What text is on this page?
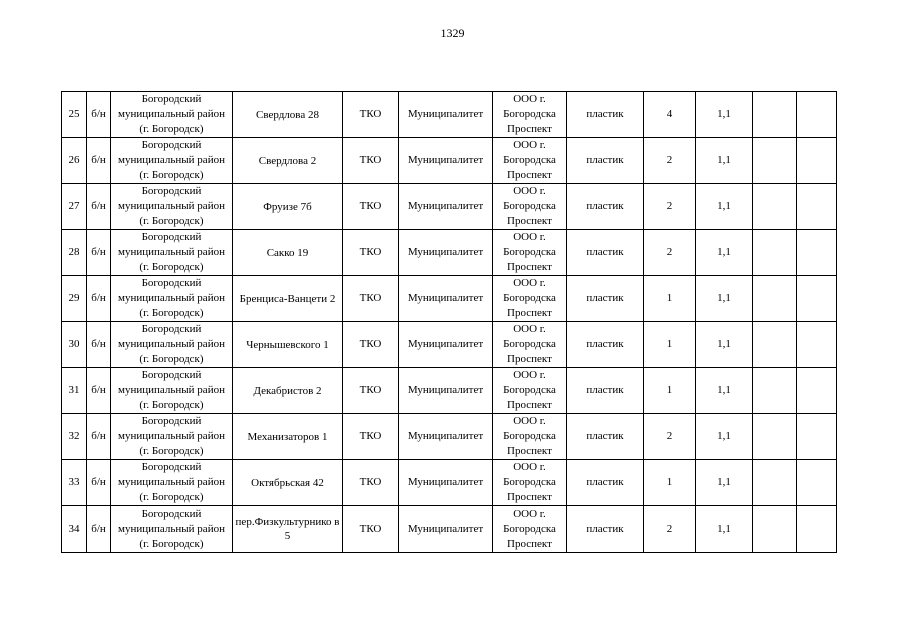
1329
25	б/н	Богородский
муниципальный район
(г. Богородск)	Свердлова 28	ТКО	Муниципалитет	ООО г.
Богородска
Проспект	пластик	4	1,1		
26	б/н	Богородский
муниципальный район
(г. Богородск)	Свердлова 2	ТКО	Муниципалитет	ООО г.
Богородска
Проспект	пластик	2	1,1		
27	б/н	Богородский
муниципальный район
(г. Богородск)	Фруизе 7б	ТКО	Муниципалитет	ООО г.
Богородска
Проспект	пластик	2	1,1		
28	б/н	Богородский
муниципальный район
(г. Богородск)	Сакко 19	ТКО	Муниципалитет	ООО г.
Богородска
Проспект	пластик	2	1,1		
29	б/н	Богородский
муниципальный район
(г. Богородск)	Бренциса-Ванцети 2	ТКО	Муниципалитет	ООО г.
Богородска
Проспект	пластик	1	1,1		
30	б/н	Богородский
муниципальный район
(г. Богородск)	Чернышевского 1	ТКО	Муниципалитет	ООО г.
Богородска
Проспект	пластик	1	1,1		
31	б/н	Богородский
муниципальный район
(г. Богородск)	Декабристов 2	ТКО	Муниципалитет	ООО г.
Богородска
Проспект	пластик	1	1,1		
32	б/н	Богородский
муниципальный район
(г. Богородск)	Механизаторов 1	ТКО	Муниципалитет	ООО г.
Богородска
Проспект	пластик	2	1,1		
33	б/н	Богородский
муниципальный район
(г. Богородск)	Октябрьская 42	ТКО	Муниципалитет	ООО г.
Богородска
Проспект	пластик	1	1,1		
34	б/н	Богородский
муниципальный район
(г. Богородск)	пер.Физкультурнико в 5	ТКО	Муниципалитет	ООО г.
Богородска
Проспект	пластик	2	1,1		
